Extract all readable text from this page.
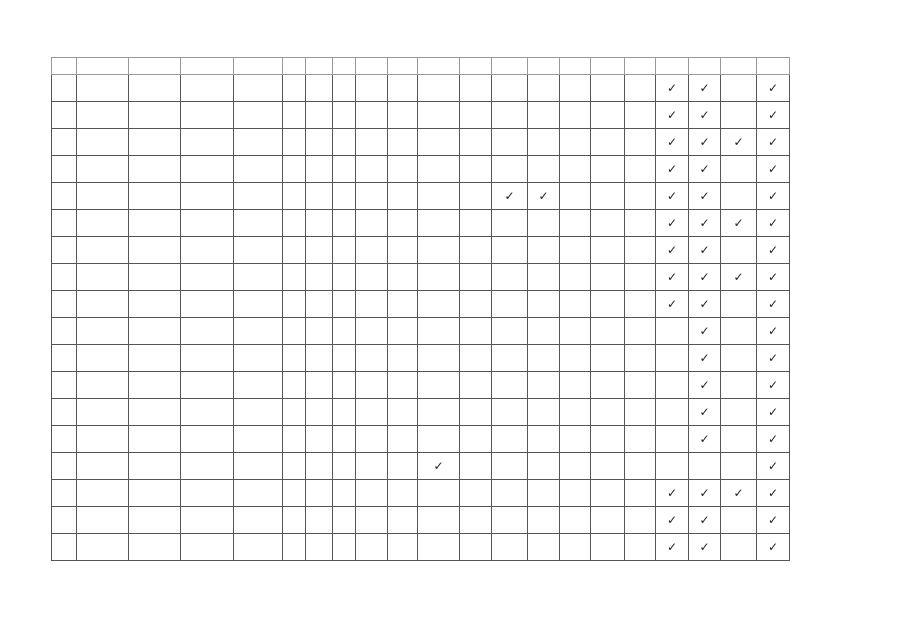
																	✓	✓		✓
																	✓	✓		✓
																	✓	✓	✓	✓
																	✓	✓		✓
												✓	✓				✓	✓		✓
																	✓	✓	✓	✓
																	✓	✓		✓
																	✓	✓	✓	✓
																	✓	✓		✓
																		✓		✓
																		✓		✓
																		✓		✓
																		✓		✓
																		✓		✓
										✓										✓
																	✓	✓	✓	✓
																	✓	✓		✓
																	✓	✓		✓
